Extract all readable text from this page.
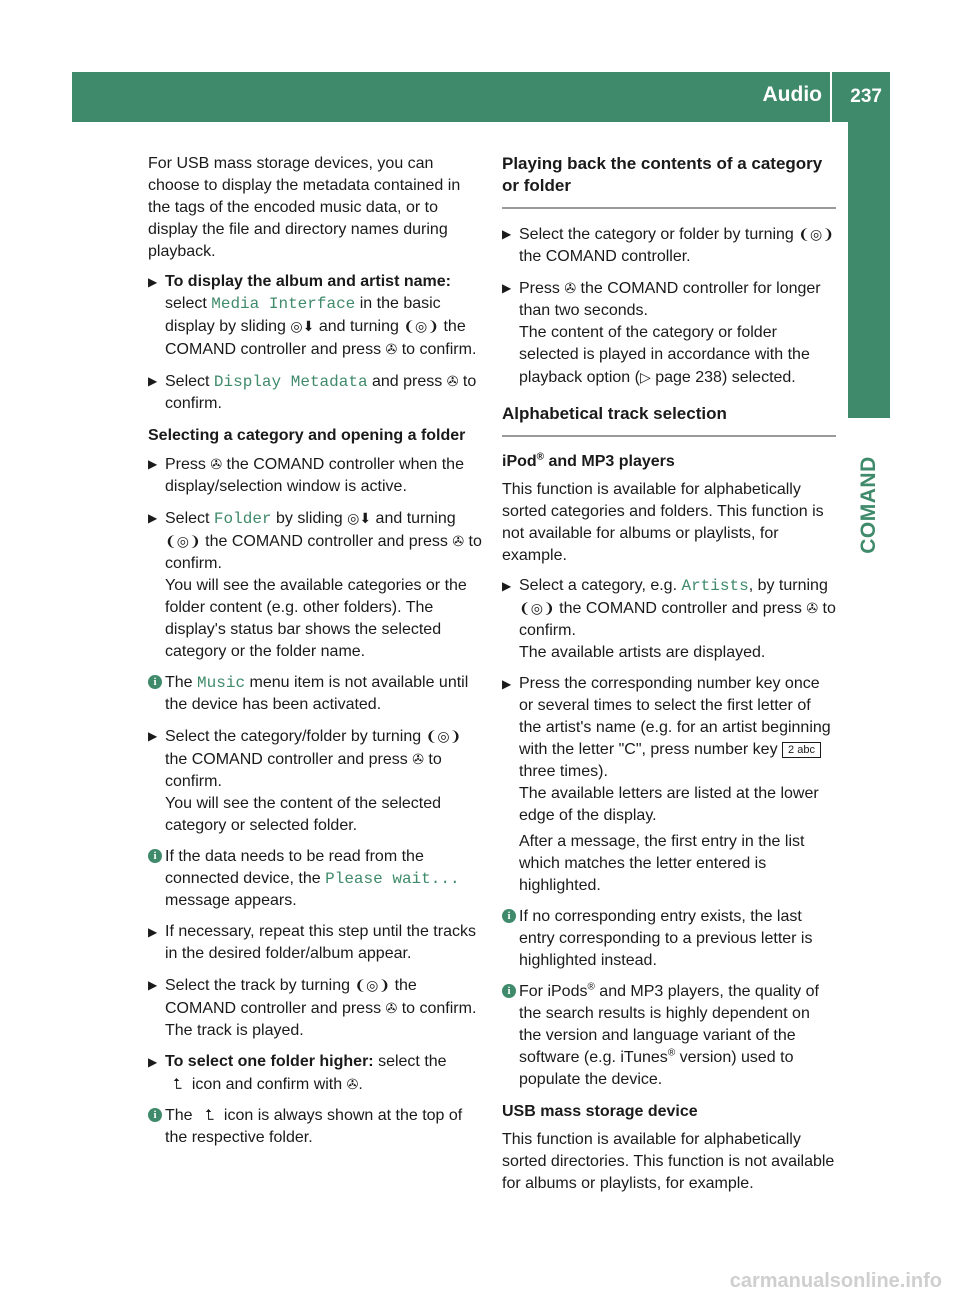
Audio 237
COMAND

For USB mass storage devices, you can choose to display the metadata contained in the tags of the encoded music data, or to display the file and directory names during playback.

▶ To display the album and artist name: select Media Interface in the basic display by sliding ◎⬇ and turning ❨◎❩ the COMAND controller and press ✇ to confirm.
▶ Select Display Metadata and press ✇ to confirm.
Selecting a category and opening a folder
▶ Press ✇ the COMAND controller when the display/selection window is active.
▶ Select Folder by sliding ◎⬇ and turning ❨◎❩ the COMAND controller and press ✇ to confirm.
You will see the available categories or the folder content (e.g. other folders). The display's status bar shows the selected category or the folder name.
i The Music menu item is not available until the device has been activated.
▶ Select the category/folder by turning ❨◎❩ the COMAND controller and press ✇ to confirm.
You will see the content of the selected category or selected folder.
i If the data needs to be read from the connected device, the Please wait... message appears.
▶ If necessary, repeat this step until the tracks in the desired folder/album appear.
▶ Select the track by turning ❨◎❩ the COMAND controller and press ✇ to confirm.
The track is played.
▶ To select one folder higher: select the ⮤ icon and confirm with ✇.
i The ⮤ icon is always shown at the top of the respective folder.
Playing back the contents of a category or folder
▶ Select the category or folder by turning ❨◎❩ the COMAND controller.
▶ Press ✇ the COMAND controller for longer than two seconds.
The content of the category or folder selected is played in accordance with the playback option (▷ page 238) selected.
Alphabetical track selection
iPod® and MP3 players

This function is available for alphabetically sorted categories and folders. This function is not available for albums or playlists, for example.

▶ Select a category, e.g. Artists, by turning ❨◎❩ the COMAND controller and press ✇ to confirm.
The available artists are displayed.
▶ Press the corresponding number key once or several times to select the first letter of the artist's name (e.g. for an artist beginning with the letter "C", press number key 2 abc three times).
The available letters are listed at the lower edge of the display.
After a message, the first entry in the list which matches the letter entered is highlighted.
i If no corresponding entry exists, the last entry corresponding to a previous letter is highlighted instead.
i For iPods® and MP3 players, the quality of the search results is highly dependent on the version and language variant of the software (e.g. iTunes® version) used to populate the device.
USB mass storage device

This function is available for alphabetically sorted directories. This function is not available for albums or playlists, for example.

carmanualsonline.info
